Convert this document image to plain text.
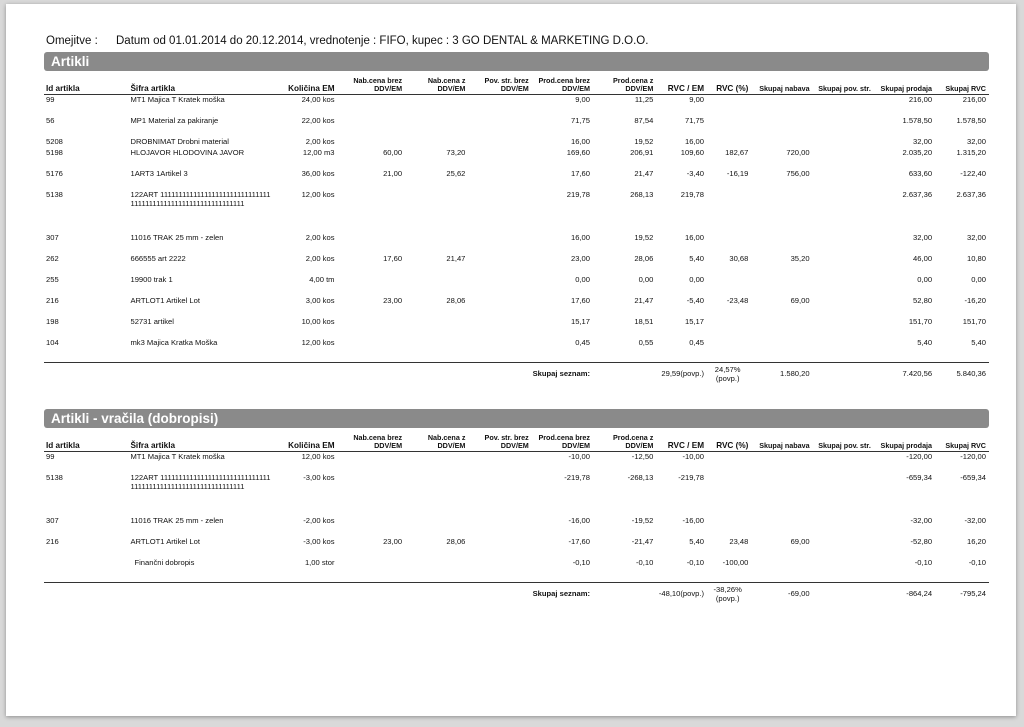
Omejitve : Datum od 01.01.2014 do 20.12.2014, vrednotenje : FIFO, kupec : 3 GO DENTAL & MARKETING D.O.O.
Artikli
Id artikla	Šifra artikla	Količina EM	Nab.cena brez DDV/EM	Nab.cena z DDV/EM	Pov. str. brez DDV/EM	Prod.cena brez DDV/EM	Prod.cena z DDV/EM	RVC / EM	RVC (%)	Skupaj nabava	Skupaj pov. str.	Skupaj prodaja	Skupaj RVC
99	MT1 Majica T Kratek moška	24,00 kos				9,00	11,25	9,00				216,00	216,00
56	MP1 Material za pakiranje	22,00 kos				71,75	87,54	71,75				1.578,50	1.578,50
5208	DROBNIMAT Drobni material	2,00 kos				16,00	19,52	16,00				32,00	32,00
5198	HLOJAVOR HLODOVINA JAVOR	12,00 m3	60,00	73,20		169,60	206,91	109,60	182,67	720,00		2.035,20	1.315,20
5176	1ART3 1Artikel 3	36,00 kos	21,00	25,62		17,60	21,47	-3,40	-16,19	756,00		633,60	-122,40
5138	122ART 1111111111111111111111111111111111111111111111111111111111111	12,00 kos				219,78	268,13	219,78				2.637,36	2.637,36
307	11016 TRAK 25 mm - zelen	2,00 kos				16,00	19,52	16,00				32,00	32,00
262	666555 art 2222	2,00 kos	17,60	21,47		23,00	28,06	5,40	30,68	35,20		46,00	10,80
255	19900 trak 1	4,00 tm				0,00	0,00	0,00				0,00	0,00
216	ARTLOT1 Artikel Lot	3,00 kos	23,00	28,06		17,60	21,47	-5,40	-23,48	69,00		52,80	-16,20
198	52731 artikel	10,00 kos				15,17	18,51	15,17				151,70	151,70
104	mk3 Majica Kratka Moška	12,00 kos				0,45	0,55	0,45				5,40	5,40

						Skupaj seznam:		29,59(povp.)	24,57% (povp.)	1.580,20		7.420,56	5.840,36
Artikli - vračila (dobropisi)
Id artikla	Šifra artikla	Količina EM	Nab.cena brez DDV/EM	Nab.cena z DDV/EM	Pov. str. brez DDV/EM	Prod.cena brez DDV/EM	Prod.cena z DDV/EM	RVC / EM	RVC (%)	Skupaj nabava	Skupaj pov. str.	Skupaj prodaja	Skupaj RVC
99	MT1 Majica T Kratek moška	12,00 kos				-10,00	-12,50	-10,00				-120,00	-120,00
5138	122ART 1111111111111111111111111111111111111111111111111111111111111	-3,00 kos				-219,78	-268,13	-219,78				-659,34	-659,34
307	11016 TRAK 25 mm - zelen	-2,00 kos				-16,00	-19,52	-16,00				-32,00	-32,00
216	ARTLOT1 Artikel Lot	-3,00 kos	23,00	28,06		-17,60	-21,47	5,40	23,48	69,00		-52,80	16,20
	Finančni dobropis	1,00 stor				-0,10	-0,10	-0,10	-100,00			-0,10	-0,10

						Skupaj seznam:		-48,10(povp.)	-38,26% (povp.)	-69,00		-864,24	-795,24
